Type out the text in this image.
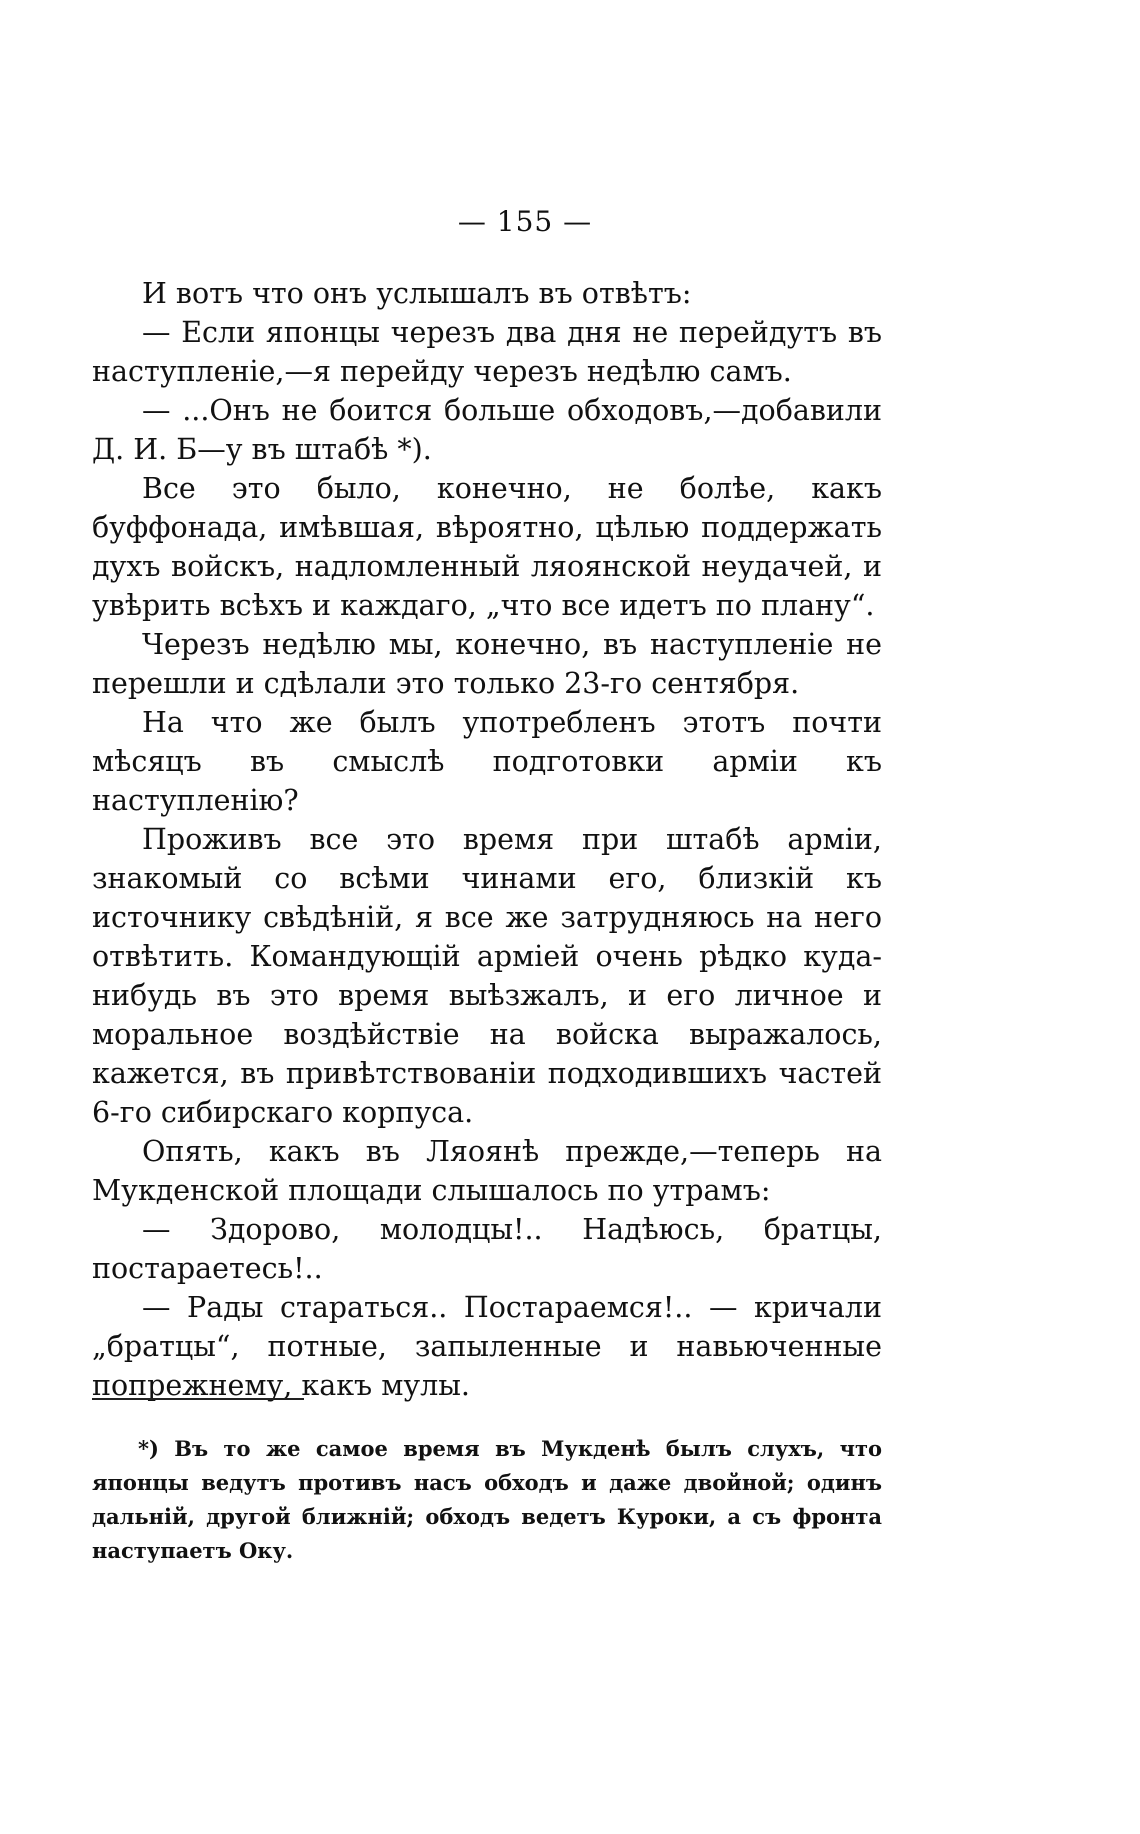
— 155 —

И вотъ что онъ услышалъ въ отвѣтъ:

— Если японцы черезъ два дня не перейдутъ въ наступленіе,—я перейду черезъ недѣлю самъ.

— ...Онъ не боится больше обходовъ,—добавили Д. И. Б—у въ штабѣ *).

Все это было, конечно, не болѣе, какъ буффонада, имѣвшая, вѣроятно, цѣлью поддержать духъ войскъ, надломленный ляоянской неудачей, и увѣрить всѣхъ и каждаго, „что все идетъ по плану“.

Черезъ недѣлю мы, конечно, въ наступленіе не перешли и сдѣлали это только 23-го сентября.

На что же былъ употребленъ этотъ почти мѣсяцъ въ смыслѣ подготовки арміи къ наступленію?

Проживъ все это время при штабѣ арміи, знакомый со всѣми чинами его, близкій къ источнику свѣдѣній, я все же затрудняюсь на него отвѣтить. Командующій арміей очень рѣдко куда-нибудь въ это время выѣзжалъ, и его личное и моральное воздѣйствіе на войска выражалось, кажется, въ привѣтствованіи подходившихъ частей 6-го сибирскаго корпуса.

Опять, какъ въ Ляоянѣ прежде,—теперь на Мукденской площади слышалось по утрамъ:

— Здорово, молодцы!.. Надѣюсь, братцы, постараетесь!..

— Рады стараться.. Постараемся!.. — кричали „братцы“, потные, запыленные и навьюченные попрежнему, какъ мулы.

*) Въ то же самое время въ Мукденѣ былъ слухъ, что японцы ведутъ противъ насъ обходъ и даже двойной; одинъ дальній, другой ближній; обходъ ведетъ Куроки, а съ фронта наступаетъ Оку.
